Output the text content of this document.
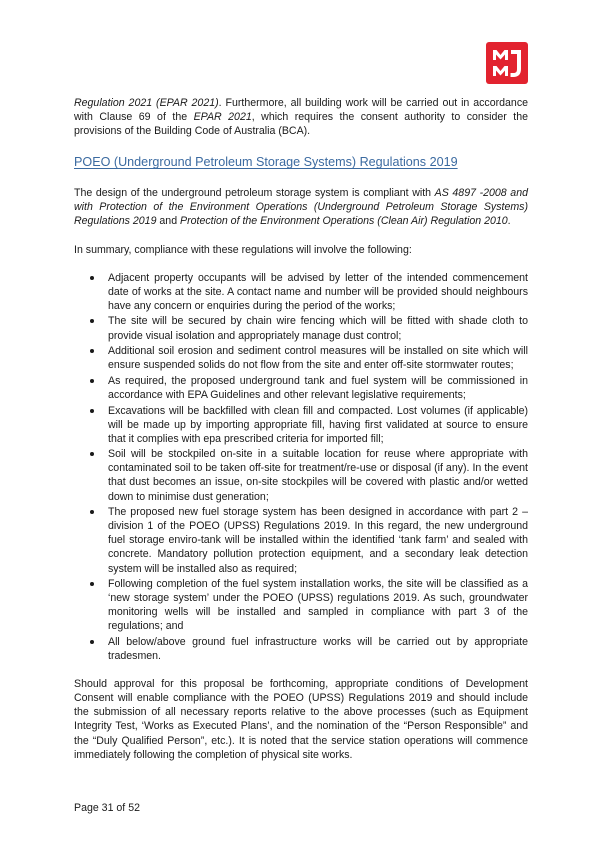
Regulation 2021 (EPAR 2021). Furthermore, all building work will be carried out in accordance with Clause 69 of the EPAR 2021, which requires the consent authority to consider the provisions of the Building Code of Australia (BCA).

POEO (Underground Petroleum Storage Systems) Regulations 2019

The design of the underground petroleum storage system is compliant with AS 4897 -2008 and with Protection of the Environment Operations (Underground Petroleum Storage Systems) Regulations 2019 and Protection of the Environment Operations (Clean Air) Regulation 2010.

In summary, compliance with these regulations will involve the following:

Adjacent property occupants will be advised by letter of the intended commencement date of works at the site. A contact name and number will be provided should neighbours have any concern or enquiries during the period of the works;
The site will be secured by chain wire fencing which will be fitted with shade cloth to provide visual isolation and appropriately manage dust control;
Additional soil erosion and sediment control measures will be installed on site which will ensure suspended solids do not flow from the site and enter off-site stormwater routes;
As required, the proposed underground tank and fuel system will be commissioned in accordance with EPA Guidelines and other relevant legislative requirements;
Excavations will be backfilled with clean fill and compacted. Lost volumes (if applicable) will be made up by importing appropriate fill, having first validated at source to ensure that it complies with epa prescribed criteria for imported fill;
Soil will be stockpiled on-site in a suitable location for reuse where appropriate with contaminated soil to be taken off-site for treatment/re-use or disposal (if any). In the event that dust becomes an issue, on-site stockpiles will be covered with plastic and/or wetted down to minimise dust generation;
The proposed new fuel storage system has been designed in accordance with part 2 – division 1 of the POEO (UPSS) Regulations 2019. In this regard, the new underground fuel storage enviro-tank will be installed within the identified ‘tank farm’ and sealed with concrete. Mandatory pollution protection equipment, and a secondary leak detection system will be installed also as required;
Following completion of the fuel system installation works, the site will be classified as a ‘new storage system’ under the POEO (UPSS) regulations 2019. As such, groundwater monitoring wells will be installed and sampled in compliance with part 3 of the regulations; and
All below/above ground fuel infrastructure works will be carried out by appropriate tradesmen.

Should approval for this proposal be forthcoming, appropriate conditions of Development Consent will enable compliance with the POEO (UPSS) Regulations 2019 and should include the submission of all necessary reports relative to the above processes (such as Equipment Integrity Test, ‘Works as Executed Plans’, and the nomination of the “Person Responsible” and the “Duly Qualified Person”, etc.). It is noted that the service station operations will commence immediately following the completion of physical site works.

Page 31 of 52
